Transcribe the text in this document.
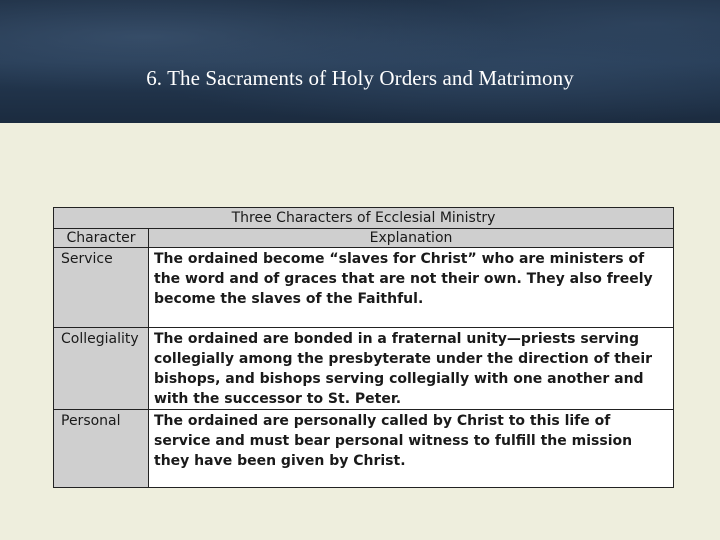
6. The Sacraments of Holy Orders and Matrimony
Three Characters of Ecclesial Ministry	
Character	Explanation
Service	The ordained become “slaves for Christ” who are ministers of the word and of graces that are not their own. They also freely become the slaves of the Faithful.
Collegiality	The ordained are bonded in a fraternal unity—priests serving collegially among the presbyterate under the direction of their bishops, and bishops serving collegially with one another and with the successor to St. Peter.
Personal	The ordained are personally called by Christ to this life of service and must bear personal witness to fulfill the mission they have been given by Christ.
